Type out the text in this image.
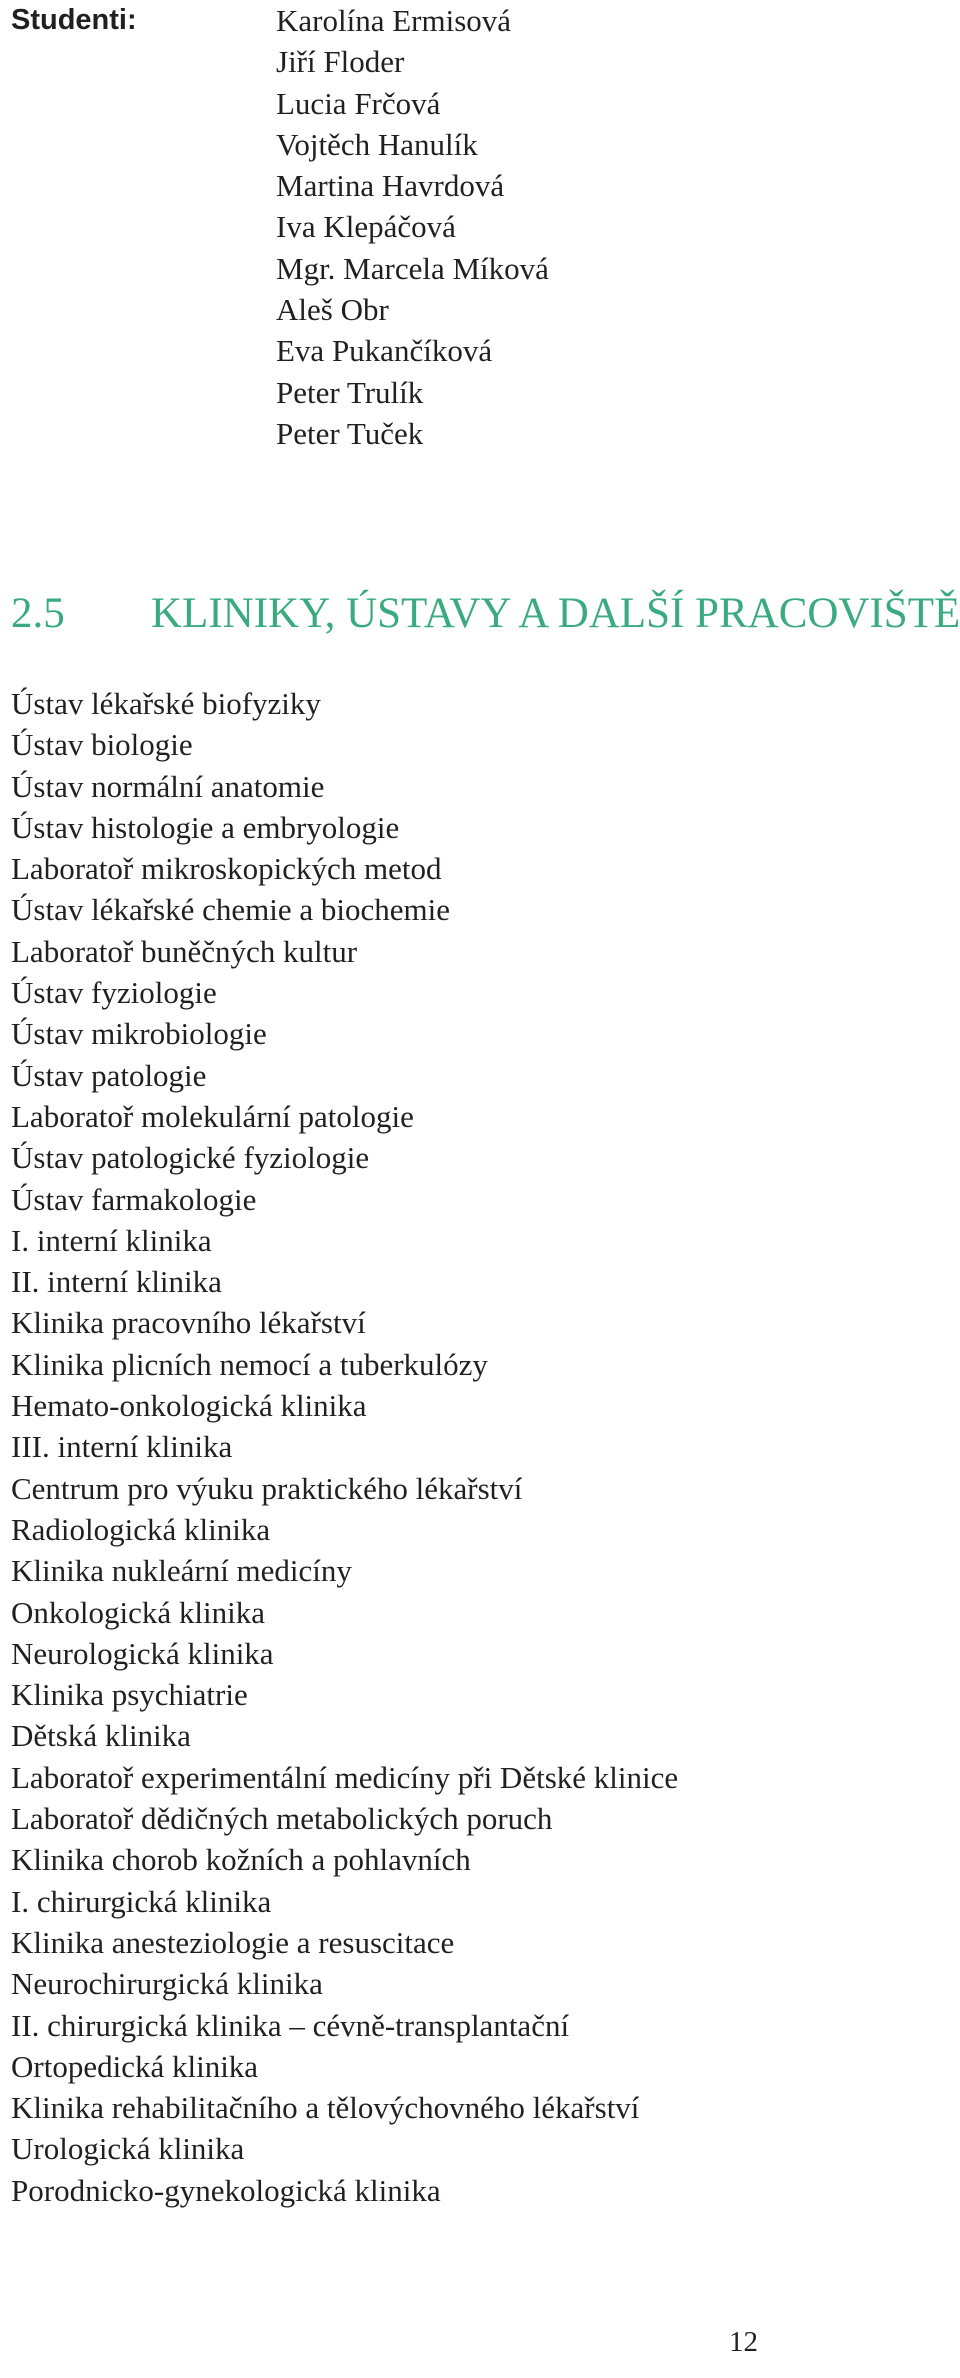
Studenti:	Karolína Ermisová
Jiří Floder
Lucia Frčová
Vojtěch Hanulík
Martina Havrdová
Iva Klepáčová
Mgr. Marcela Míková
Aleš Obr
Eva Pukančíková
Peter Trulík
Peter Tuček
2.5 KLINIKY, ÚSTAVY A DALŠÍ PRACOVIŠTĚ
Ústav lékařské biofyziky
Ústav biologie
Ústav normální anatomie
Ústav histologie a embryologie
Laboratoř mikroskopických metod
Ústav lékařské chemie a biochemie
Laboratoř buněčných kultur
Ústav fyziologie
Ústav mikrobiologie
Ústav patologie
Laboratoř molekulární patologie
Ústav patologické fyziologie
Ústav farmakologie
I. interní klinika
II. interní klinika
Klinika pracovního lékařství
Klinika plicních nemocí a tuberkulózy
Hemato-onkologická klinika
III. interní klinika
Centrum pro výuku praktického lékařství
Radiologická klinika
Klinika nukleární medicíny
Onkologická klinika
Neurologická klinika
Klinika psychiatrie
Dětská klinika
Laboratoř experimentální medicíny při Dětské klinice
Laboratoř dědičných metabolických poruch
Klinika chorob kožních a pohlavních
I. chirurgická klinika
Klinika anesteziologie a resuscitace
Neurochirurgická klinika
II. chirurgická klinika – cévně-transplantační
Ortopedická klinika
Klinika rehabilitačního a tělovýchovného lékařství
Urologická klinika
Porodnicko-gynekologická klinika

12
